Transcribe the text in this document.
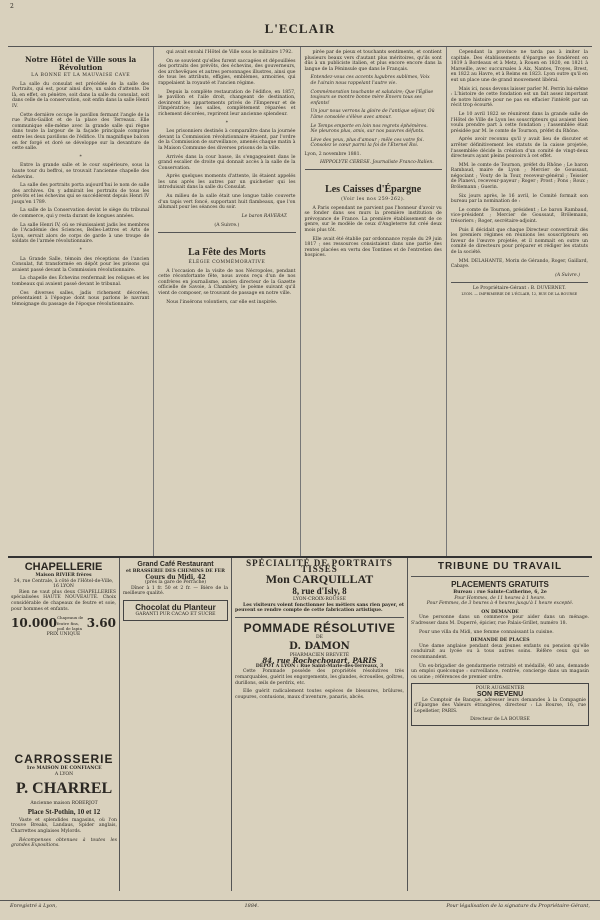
2
L'ECLAIR
Notre Hôtel de Ville sous la Révolution
LA BONNE ET LA MAUVAISE CAVE

La salle du consulat est précédée de la salle des Portraits, qui est, pour ainsi dire, un salon d'attente. De là, en effet, on pénètre, soit dans la salle du consulat, soit dans celle de la conservation, soit enfin dans la salle Henri IV.

Cette dernière occupe le pavillon fermant l'angle de la rue Puits-Gaillot et de la place des Terreaux. Elle communique elle-même avec la grande salle qui règne dans toute la largeur de la façade principale comprise entre les deux pavillons de l'édifice. Un magnifique balcon en fer forgé et doré se développe sur la devanture de cette salle.

*

Entre la grande salle et le cour supérieure, sous la haute tour du beffroi, se trouvait l'ancienne chapelle des échevins.

La salle des portraits porta aujourd'hui le nom de salle des archives. On y admirait les portraits de tous les prévôts et les échevins qui se succédèrent depuis Henri IV jusqu'en 1789.

La salle de la Conservation devint le siège du tribunal de commerce, qui y resta durant de longues années.

La salle Henri IV, où se réunissaient jadis les membres de l'Académie des Sciences, Belles-Lettres et Arts de Lyon, servait alors de corps de garde à une troupe de soldats de l'armée révolutionnaire.

*

La Grande Salle, témoin des réceptions de l'ancien Consulat, fut transformée en dépôt pour les prisons qui avaient passé devant la Commission révolutionnaire.

La chapelle des Échevins renfermait les reliques et les tombeaux qui avaient passé devant le tribunal.

Ces diverses salles, jadis richement décorées, présentaient à l'époque dont nous parlons le navrant témoignage du passage de l'époque révolutionnaire.

qui avait envahi l'Hôtel de Ville sous le militaire 1792.

On se souvient qu'elles furent saccagées et dépouillées des portraits des prévôts, des échevins, des gouverneurs, des archevêques et autres personnages illustres, ainsi que de tous les attributs, effigies, emblèmes, armoiries, qui rappelaient la royauté et l'ancien régime.

Depuis la complète restauration de l'édifice, en 1857, le pavillon et l'aile droit, changeant de destination, devinrent les appartements privés de l'Empereur et de l'Impératrice; les salles, complètement réparées et richement décorées, reprirent leur ancienne splendeur.

*

Les prisonniers destinés à comparaître dans la journée devant la Commission révolutionnaire étaient, par l'ordre de la Commission de surveillance, amenés chaque matin à la Maison Commune des diverses prisons de la ville.

Arrivés dans la cour basse, ils s'engageaient dans le grand escalier de droite qui donnait accès à la salle de la Conservation.

Après quelques moments d'attente, ils étaient appelés les uns après les autres par un guichetier qui les introduisait dans la salle du Consulat.

Au milieu de la salle était une longue table couverte d'un tapis vert foncé, supportant huit flambeaux, que l'on allumait pour les séances du soir.

Le baron RAVERAT.
(A Suivre.)
La Fête des Morts
ÉLÉGIE COMMÉMORATIVE

A l'occasion de la visite de nos Nécropoles, pendant cette réconfortante fête, nous avons reçu d'un de nos confrères en journalisme, ancien directeur de la Gazette officielle de Savoie, à Chambéry, le poème suivant qu'il vient de composer, se trouvant de passage en notre ville.

Nous l'insérons volontiers, car elle est inspirée.

pirée par de pieux et touchants sentiments, et contient plusieurs beaux vers d'autant plus méritoires, qu'ils sont dûs à un publiciste italien, et plus encore encore dans la langue de la Péninsule que dans le Français.

Entendez-vous ces accents lugubres sublimes, Voix de l'airain nous rappelant l'autre vie.
Commémoration touchante et salutaire; Que l'Église toujours se montre bonne mère Envers tous ses enfants!
Un jour nous verrons la gloire de l'antique séjour, Où l'âme consolée s'élève avec amour.
Le Temps emporte en loin nos regrets éphémères. Ne pleurons plus, amis, sur nos pauvres défunts.
Lève des yeux, plus d'amour ; mêle ces votre foi. Consolez le cœur parmi la foi de l'Éternel Roi.
Lyon, 2 novembre 1881.
HIPPOLYTE CERESE. Journaliste Franco-Italien.
Les Caisses d'Épargne
(Voir les nos 259-262).

A Paris cependant ne parvient pas l'honneur d'avoir vu se fonder dans ses murs la première institution de prévoyance de France. La première établissement de ce genre, sur le modèle de ceux d'Angleterre fut créé deux mois plus tôt.

Elle avait été établie par ordonnance royale du 29 juin 1817 ; ses ressources consistaient dans une partie des rentes placées en vertu des Tontines et de l'entretien des hospices.

Cependant la province ne tarda pas à imiter la capitale. Des établissements d'épargne se fondèrent en 1819 à Bordeaux et à Metz, à Rouen en 1820, en 1821 à Marseille, avec succursales à Aix, Nantes, Troyes, Brest, en 1822 au Havre, et à Reims en 1823. Lyon outre qu'il en eut un place une de grand mouvement libéral.

Mais ici, nous devons laisser parler M. Perrin lui-même : L'histoire de cette fondation est un fait assez important de notre histoire pour ne pas en effacier l'intérêt par un récit trop écourté.

Le 10 avril 1822 se réunirent dans la grande salle de l'Hôtel de Ville de Lyon les souscripteurs qui avaient bien voulu prendre part à cette fondation ; l'assemblée était présidée par M. le comte de Tournon, préfet du Rhône.

Après avoir reconnu qu'il y avait lieu de discuter et arrêter définitivement les statuts de la caisse projetée, l'assemblée décide la création d'un comité de vingt-deux directeurs ayant pleins pouvoirs à cet effet.

MM. le comte de Tournon, préfet du Rhône ; Le baron Rambaud, maire de Lyon ; Mercier de Goussaut, négociant ; Vouty de la Tour, receveur-général ; Teissier de Planevi, receveur-payeur ; Roger ; Prost ; Pons ; Roux ; Brölemann ; Guerin.

Six jours après, le 16 avril, le Comité formait son bureau par la nomination de :

Le comte de Tournon, président ; Le baron Rambaud, vice-président ; Mercier de Goussaut, Brölemann, trésoriers ; Roger, secrétaire-adjoint.

Puis il décidait que chaque Directeur convertirait dès les premiers régimes en réunions les souscripteurs en faveur de l'œuvre projetée, et il nommait en outre un comité de directeurs pour préparer et rédiger les statuts de la société.

MM. DELAHANTE, Morin de Gérando, Roger, Gaillard, Cabaye.

(A Suivre.)
Le Propriétaire-Gérant : B. DUVERNET.
LYON. — IMPRIMERIE DE L'ÉCLAIR, 12, RUE DE LA BOURSE
CHAPELLERIE
Maison RIVIER frères
34, rue Centrale, à côté de l'Hôtel-de-Ville, 16 LYON

Rien ne vaut plus deux CHAPELLERIES spécialisées HAUTE NOUVEAUTÉ. Choix considérable de chapeaux de feutre et soie, pour hommes et enfants.

10.000 Chapeaux de feutre fins, poil de lapin 3.60
PRIX UNIQUE
Grand Café Restaurant
et BRASSERIE DES CHEMINS DE FER
Cours du Midi, 42
(près la gare de Perrache)

Dîner à 1 fr. 50 et 2 fr. — Bière de la meilleure qualité.

Chocolat du Planteur
GARANTI PUR CACAO ET SUCRE
SPÉCIALITÉ DE PORTRAITS TISSÉS
Mon CARQUILLAT
8, rue d'Isly, 8
LYON-CROIX-ROUSSE

Les visiteurs voient fonctionner les métiers sans rien payer, et peuvent se rendre compte de cette fabrication artistique.

POMMADE RÉSOLUTIVE
DE
D. DAMON
PHARMACIEN BREVETÉ
84, rue Rochechouart, PARIS
DÉPÔT A LYON : Rue Saint-Marie-des-Terreaux, 3

Cette Pommade possède des propriétés résolutives très remarquables, guérit les engorgements, les glandes, écrouelles, goîtres, durillons, œils de perdrix, etc.

Elle guérit radicalement toutes espèces de blessures, brûlures, coupures, contusions, maux d'aventure, panaris, abcès.

TRIBUNE DU TRAVAIL
PLACEMENTS GRATUITS
Bureau : rue Sainte-Catherine, 6, 2e
Pour Hommes, de 11 heures à 1 heure.
Pour Femmes, de 3 heures à 4 heures jusqu'à 1 heure excepté.
ON DEMANDE

Une personne dans un commerce pour aider dans un ménage. S'adresser dans M. Duperré, épicier, rue Palais-Grillet, numéro 18.

Pour une villa du Midi, une femme connaissant la cuisine.

DEMANDE DE PLACES

Une dame anglaise pendant deux jeunes enfants ou pension qu'elle conduirait au lycée ou à tous autres soins. Réfère ceux qui se recommandent.

Un ex-brigadier de gendarmerie retraité et médaillé, 40 ans, demande un emploi quelconque : surveillance, rentrée, concierge dans un magasin ou usine ; références de premier ordre.

POUR AUGMENTER
SON REVENU

Le Comptoir de Banque, adresser leurs demandes à la Compagnie d'Épargne des Valeurs étrangères, directeur : La Bourse, 16, rue Lepelletier, PARIS.

Directeur de LA BOURSE
CARROSSERIE
1re MAISON DE CONFIANCE
A LYON
P. CHARREL
Ancienne maison ROBERJOT
Place St-Pothin, 10 et 12

Vaste et splendides magasins, où l'on trouve Breaks, Landaus, Spider anglais, Charrettes anglaises Mylords.

Récompenses obtenues à toutes les grandes Expositions.

Enregistré à Lyon,	1884.	Pour légalisation de la signature du Propriétaire-Gérant,
